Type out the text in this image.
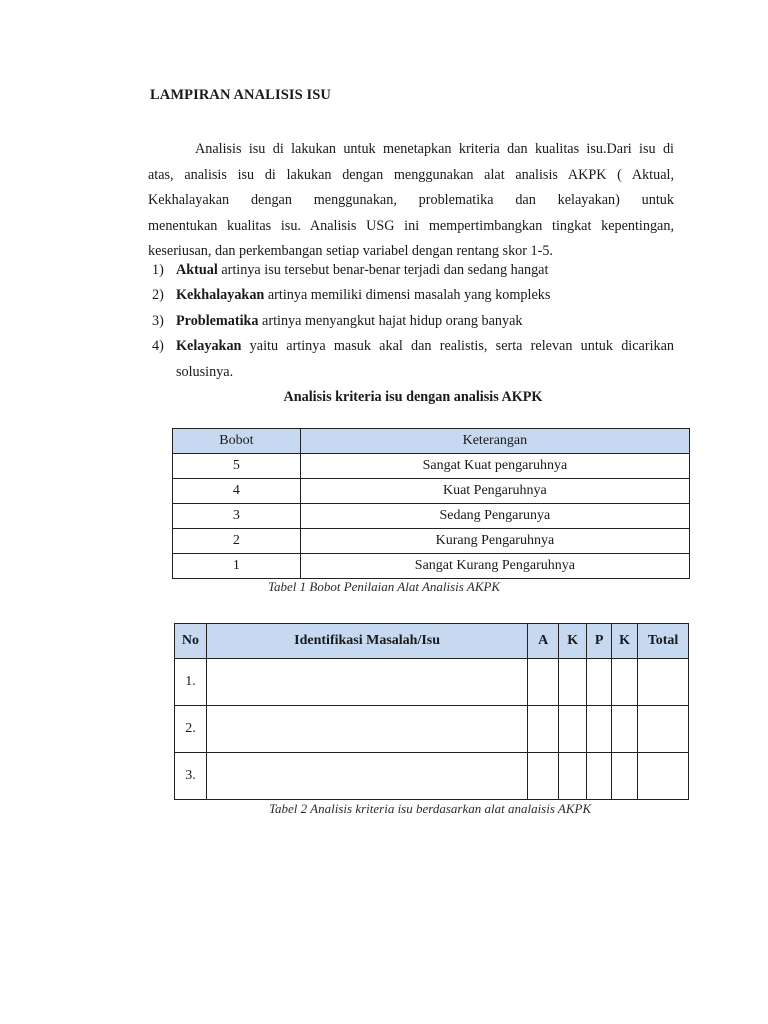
LAMPIRAN ANALISIS ISU
Analisis isu di lakukan untuk menetapkan kriteria dan kualitas isu.Dari isu di
atas, analisis isu di lakukan dengan menggunakan alat analisis AKPK ( Aktual,
Kekhalayakan dengan menggunakan, problematika dan kelayakan) untuk
menentukan kualitas isu. Analisis USG ini mempertimbangkan tingkat kepentingan,
keseriusan, dan perkembangan setiap variabel dengan rentang skor 1-5.
1) Aktual artinya isu tersebut benar-benar terjadi dan sedang hangat
2) Kekhalayakan artinya memiliki dimensi masalah yang kompleks
3) Problematika artinya menyangkut hajat hidup orang banyak
4) Kelayakan yaitu artinya masuk akal dan realistis, serta relevan untuk dicarikan
solusinya.
Analisis kriteria isu dengan analisis AKPK
Bobot	Keterangan
5	Sangat Kuat pengaruhnya
4	Kuat Pengaruhnya
3	Sedang Pengarunya
2	Kurang Pengaruhnya
1	Sangat Kurang Pengaruhnya
Tabel 1 Bobot Penilaian Alat Analisis AKPK
No	Identifikasi Masalah/Isu	A	K	P	K	Total
1.						
2.						
3.						
Tabel 2 Analisis kriteria isu berdasarkan alat analaisis AKPK
